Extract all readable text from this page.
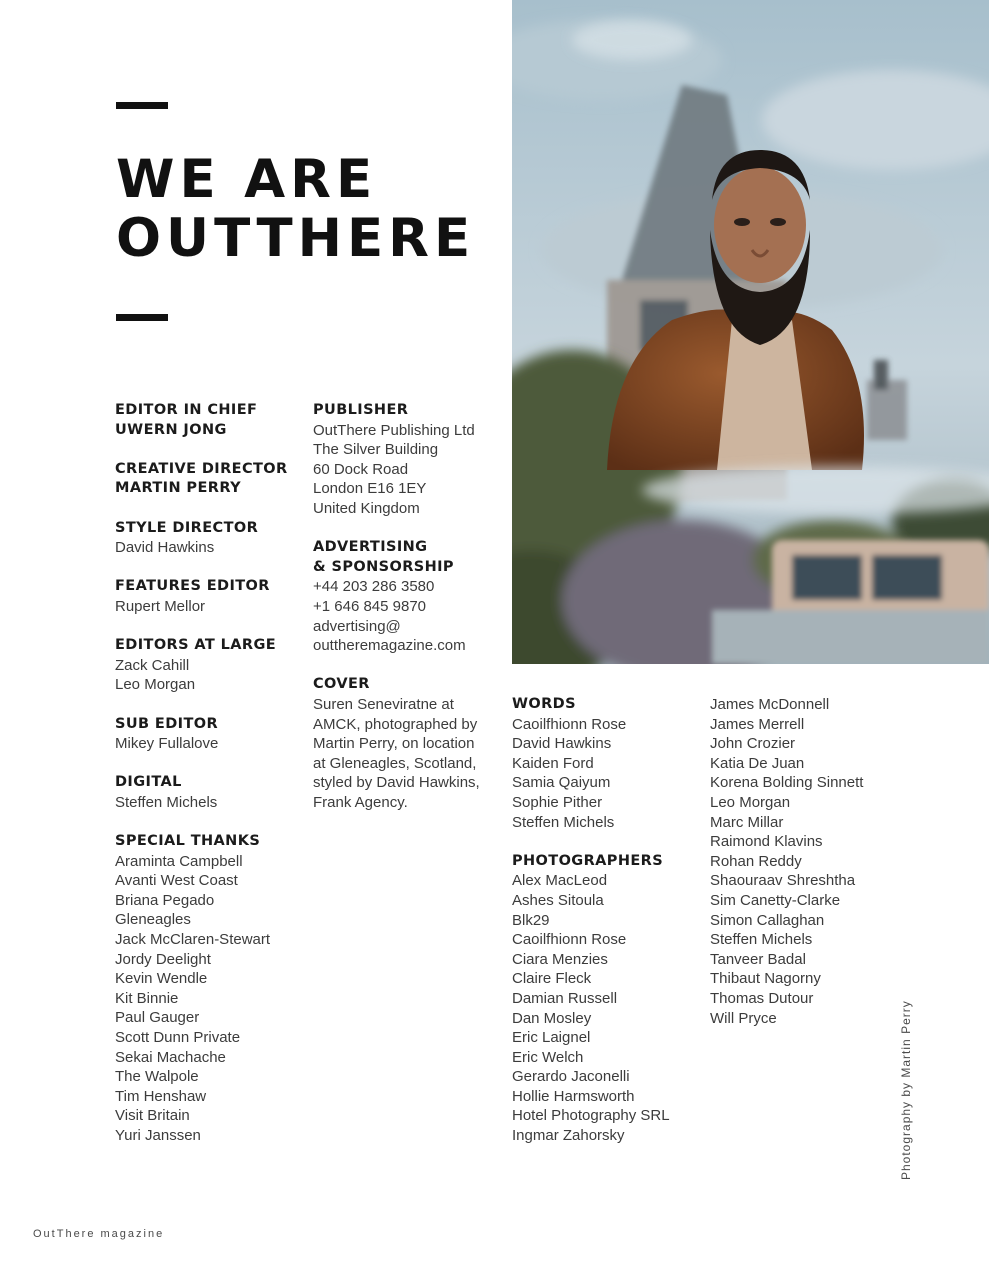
WE ARE
OUTTHERE
EDITOR IN CHIEF
UWERN JONG
CREATIVE DIRECTOR
MARTIN PERRY
STYLE DIRECTOR
David Hawkins
FEATURES EDITOR
Rupert Mellor
EDITORS AT LARGE
Zack Cahill
Leo Morgan
SUB EDITOR
Mikey Fullalove
DIGITAL
Steffen Michels
SPECIAL THANKS
Araminta Campbell
Avanti West Coast
Briana Pegado
Gleneagles
Jack McClaren-Stewart
Jordy Deelight
Kevin Wendle
Kit Binnie
Paul Gauger
Scott Dunn Private
Sekai Machache
The Walpole
Tim Henshaw
Visit Britain
Yuri Janssen
PUBLISHER
OutThere Publishing Ltd
The Silver Building
60 Dock Road
London E16 1EY
United Kingdom
ADVERTISING
& SPONSORSHIP
+44 203 286 3580
+1 646 845 9870
advertising@
outtheremagazine.com
COVER
Suren Seneviratne at
AMCK, photographed by
Martin Perry, on location
at Gleneagles, Scotland,
styled by David Hawkins,
Frank Agency.
WORDS
Caoilfhionn Rose
David Hawkins
Kaiden Ford
Samia Qaiyum
Sophie Pither
Steffen Michels
PHOTOGRAPHERS
Alex MacLeod
Ashes Sitoula
Blk29
Caoilfhionn Rose
Ciara Menzies
Claire Fleck
Damian Russell
Dan Mosley
Eric Laignel
Eric Welch
Gerardo Jaconelli
Hollie Harmsworth
Hotel Photography SRL
Ingmar Zahorsky
James McDonnell
James Merrell
John Crozier
Katia De Juan
Korena Bolding Sinnett
Leo Morgan
Marc Millar
Raimond Klavins
Rohan Reddy
Shaouraav Shreshtha
Sim Canetty-Clarke
Simon Callaghan
Steffen Michels
Tanveer Badal
Thibaut Nagorny
Thomas Dutour
Will Pryce	Photography by Martin Perry
OutThere magazine
